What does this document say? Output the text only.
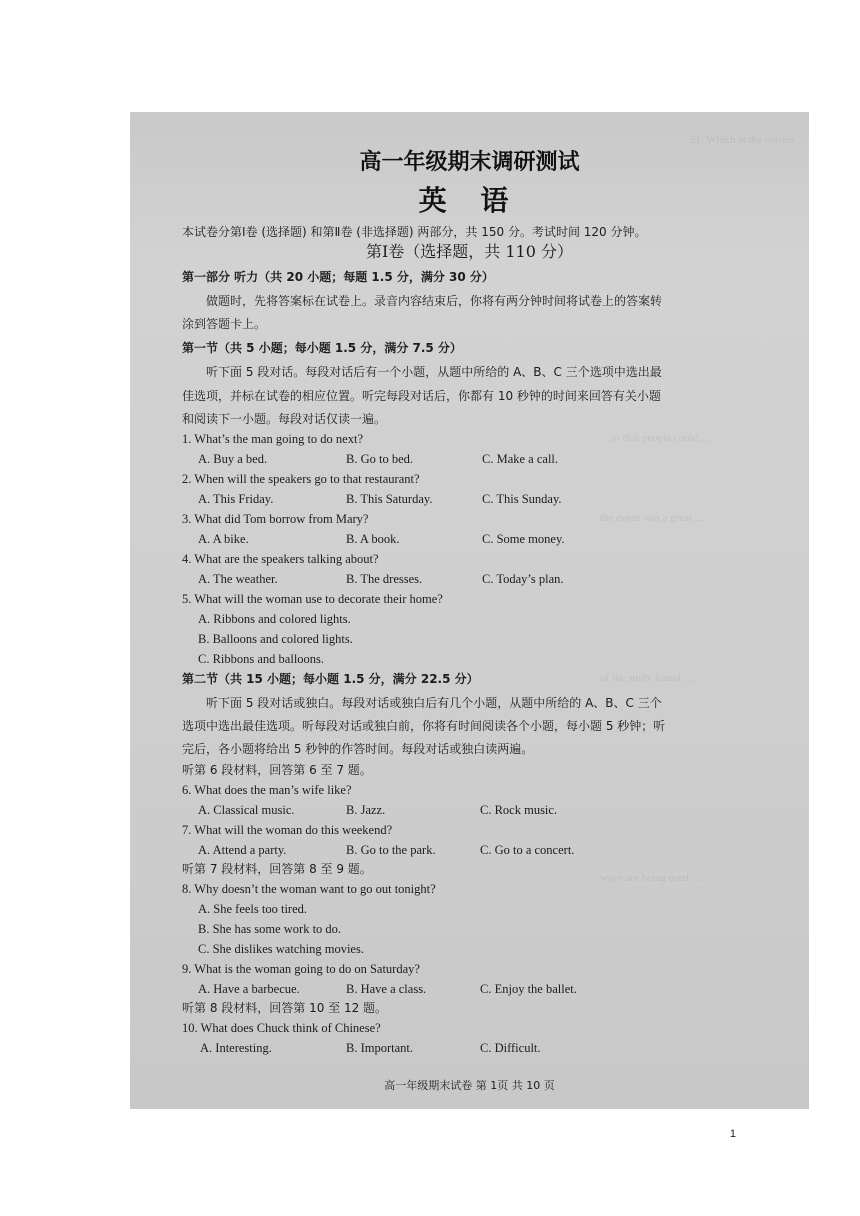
21. Which is the correct …
so that people could …
the event was a great …
of the study found …
ways are being used …
高一年级期末调研测试
英 语
本试卷分第Ⅰ卷 (选择题) 和第Ⅱ卷 (非选择题) 两部分，共 150 分。考试时间 120 分钟。
第Ⅰ卷（选择题，共 110 分）
第一部分 听力（共 20 小题；每题 1.5 分，满分 30 分）
做题时，先将答案标在试卷上。录音内容结束后，你将有两分钟时间将试卷上的答案转
涂到答题卡上。
第一节（共 5 小题；每小题 1.5 分，满分 7.5 分）
听下面 5 段对话。每段对话后有一个小题，从题中所给的 A、B、C 三个选项中选出最
佳选项，并标在试卷的相应位置。听完每段对话后，你都有 10 秒钟的时间来回答有关小题
和阅读下一小题。每段对话仅读一遍。
1. What’s the man going to do next?
A. Buy a bed.	B. Go to bed.	C. Make a call.
2. When will the speakers go to that restaurant?
A. This Friday.	B. This Saturday.	C. This Sunday.
3. What did Tom borrow from Mary?
A. A bike.	B. A book.	C. Some money.
4. What are the speakers talking about?
A. The weather.	B. The dresses.	C. Today’s plan.
5. What will the woman use to decorate their home?
A. Ribbons and colored lights.
B. Balloons and colored lights.
C. Ribbons and balloons.
第二节（共 15 小题；每小题 1.5 分，满分 22.5 分）
听下面 5 段对话或独白。每段对话或独白后有几个小题，从题中所给的 A、B、C 三个
选项中选出最佳选项。听每段对话或独白前，你将有时间阅读各个小题，每小题 5 秒钟；听
完后，各小题将给出 5 秒钟的作答时间。每段对话或独白读两遍。
听第 6 段材料，回答第 6 至 7 题。
6. What does the man’s wife like?
A. Classical music.	B. Jazz.	C. Rock music.
7. What will the woman do this weekend?
A. Attend a party.	B. Go to the park.	C. Go to a concert.
听第 7 段材料，回答第 8 至 9 题。
8. Why doesn’t the woman want to go out tonight?
A. She feels too tired.
B. She has some work to do.
C. She dislikes watching movies.
9. What is the woman going to do on Saturday?
A. Have a barbecue.	B. Have a class.	C. Enjoy the ballet.
听第 8 段材料，回答第 10 至 12 题。
10. What does Chuck think of Chinese?
A. Interesting.	B. Important.	C. Difficult.
高一年级期末试卷 第 1页 共 10 页
1
